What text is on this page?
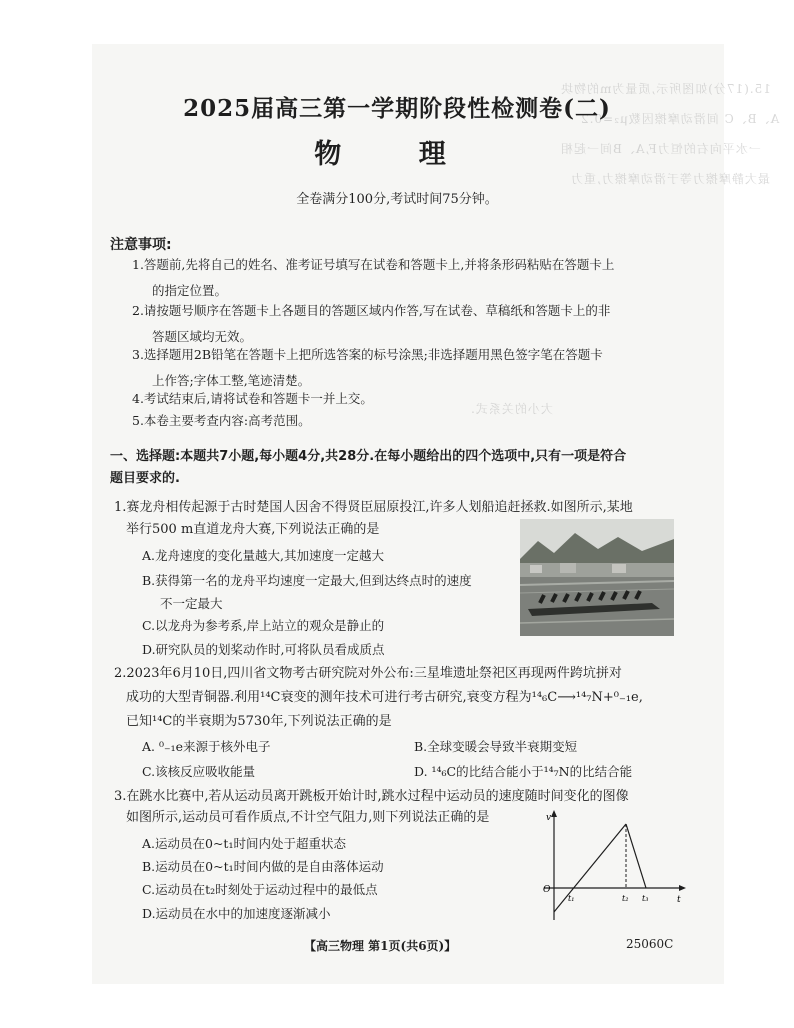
15.(17分)如图所示,质量为m的物块
A、B、C 间滑动摩擦因数μ₂=0.2
一水平向右的恒力F,A、B间一起相
最大静摩擦力等于滑动摩擦力,重力
大小的关系式.
2025届高三第一学期阶段性检测卷(二)
物 理
全卷满分100分,考试时间75分钟。
注意事项:
1.答题前,先将自己的姓名、准考证号填写在试卷和答题卡上,并将条形码粘贴在答题卡上
的指定位置。
2.请按题号顺序在答题卡上各题目的答题区域内作答,写在试卷、草稿纸和答题卡上的非
答题区域均无效。
3.选择题用2B铅笔在答题卡上把所选答案的标号涂黑;非选择题用黑色签字笔在答题卡
上作答;字体工整,笔迹清楚。
4.考试结束后,请将试卷和答题卡一并上交。
5.本卷主要考查内容:高考范围。
一、选择题:本题共7小题,每小题4分,共28分.在每小题给出的四个选项中,只有一项是符合
题目要求的.
1.赛龙舟相传起源于古时楚国人因舍不得贤臣屈原投江,许多人划船追赶拯救.如图所示,某地
举行500 m直道龙舟大赛,下列说法正确的是
A.龙舟速度的变化量越大,其加速度一定越大
B.获得第一名的龙舟平均速度一定最大,但到达终点时的速度
不一定最大
C.以龙舟为参考系,岸上站立的观众是静止的
D.研究队员的划桨动作时,可将队员看成质点
2.2023年6月10日,四川省文物考古研究院对外公布:三星堆遗址祭祀区再现两件跨坑拼对
成功的大型青铜器.利用¹⁴C衰变的测年技术可进行考古研究,衰变方程为¹⁴₆C⟶¹⁴₇N+⁰₋₁e,
已知¹⁴C的半衰期为5730年,下列说法正确的是
A. ⁰₋₁e来源于核外电子	B.全球变暖会导致半衰期变短
C.该核反应吸收能量	D. ¹⁴₆C的比结合能小于¹⁴₇N的比结合能
3.在跳水比赛中,若从运动员离开跳板开始计时,跳水过程中运动员的速度随时间变化的图像
如图所示,运动员可看作质点,不计空气阻力,则下列说法正确的是
A.运动员在0~t₁时间内处于超重状态
B.运动员在0~t₁时间内做的是自由落体运动
C.运动员在t₂时刻处于运动过程中的最低点
D.运动员在水中的加速度逐渐减小
v
t
O
t₁	t₂ t₃
【高三物理 第1页(共6页)】	25060C
